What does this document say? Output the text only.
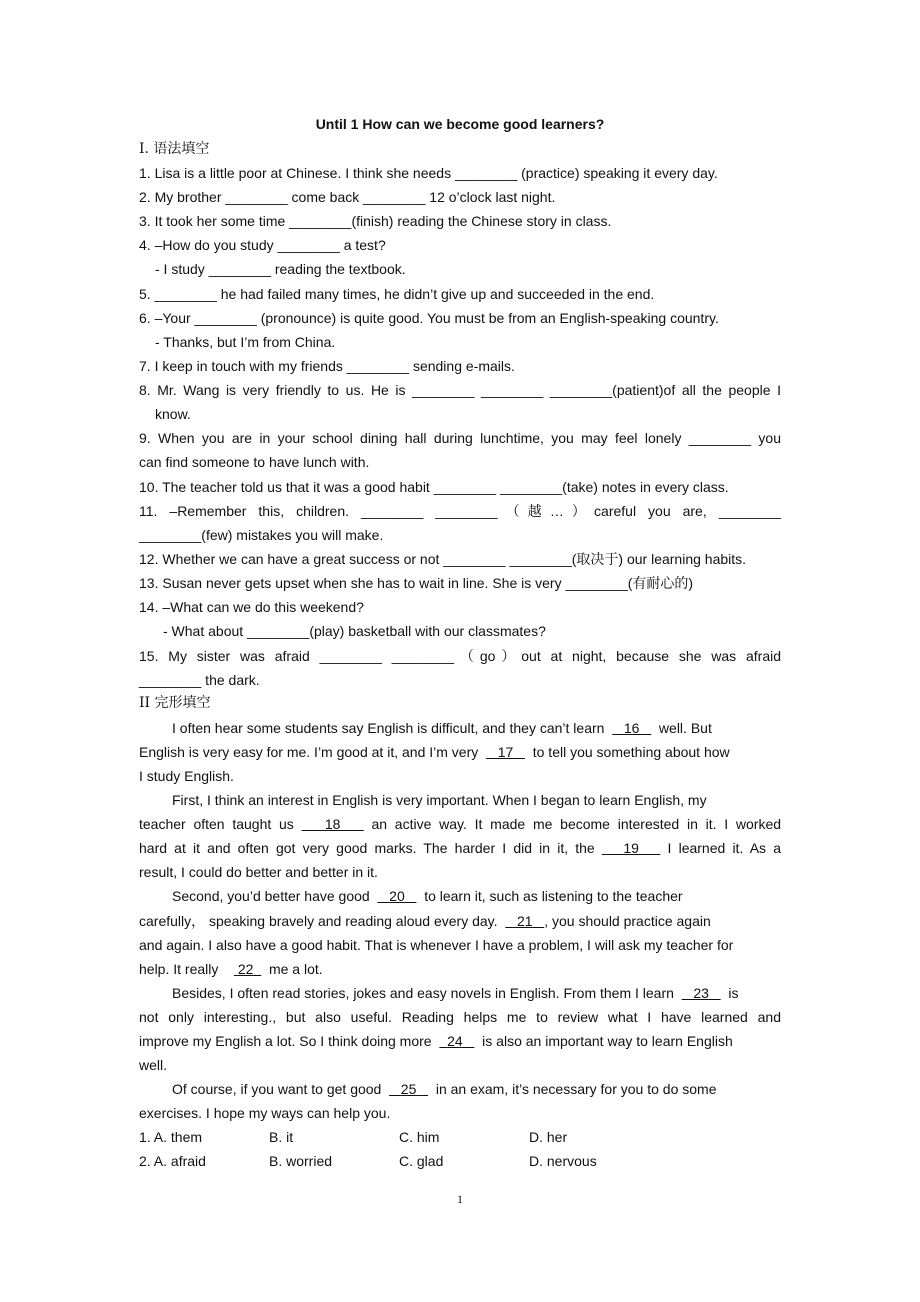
Until 1 How can we become good learners?
I. 语法填空
1. Lisa is a little poor at Chinese. I think she needs ________ (practice) speaking it every day.
2. My brother ________ come back ________ 12 o’clock last night.
3. It took her some time ________(finish) reading the Chinese story in class.
4. –How do you study ________ a test?
- I study ________ reading the textbook.
5. ________ he had failed many times, he didn’t give up and succeeded in the end.
6. –Your ________ (pronounce) is quite good. You must be from an English-speaking country.
- Thanks, but I’m from China.
7. I keep in touch with my friends ________ sending e-mails.
8. Mr. Wang is very friendly to us. He is ________ ________ ________(patient)of all the people I
know.
9. When you are in your school dining hall during lunchtime, you may feel lonely ________ you
can find someone to have lunch with.
10. The teacher told us that it was a good habit ________ ________(take) notes in every class.
11. –Remember this, children. ________ ________（越…）careful you are, ________
________(few) mistakes you will make.
12. Whether we can have a great success or not ________ ________(取决于) our learning habits.
13. Susan never gets upset when she has to wait in line. She is very ________(有耐心的)
14. –What can we do this weekend?
- What about ________(play) basketball with our classmates?
15. My sister was afraid ________ ________（go）out at night, because she was afraid
________ the dark.
II 完形填空
I often hear some students say English is difficult, and they can’t learn 16 well. But
English is very easy for me. I’m good at it, and I’m very 17 to tell you something about how
I study English.
First, I think an interest in English is very important. When I began to learn English, my
teacher often taught us 18 an active way. It made me become interested in it. I worked
hard at it and often got very good marks. The harder I did in it, the 19 I learned it. As a
result, I could do better and better in it.
Second, you’d better have good 20 to learn it, such as listening to the teacher
carefully， speaking bravely and reading aloud every day. 21 , you should practice again
and again. I also have a good habit. That is whenever I have a problem, I will ask my teacher for
help. It really 22 me a lot.
Besides, I often read stories, jokes and easy novels in English. From them I learn 23 is
not only interesting., but also useful. Reading helps me to review what I have learned and
improve my English a lot. So I think doing more 24 is also an important way to learn English
well.
Of course, if you want to get good 25 in an exam, it’s necessary for you to do some
exercises. I hope my ways can help you.
1. A. them	B. it	C. him	D. her
2. A. afraid	B. worried	C. glad	D. nervous
1
